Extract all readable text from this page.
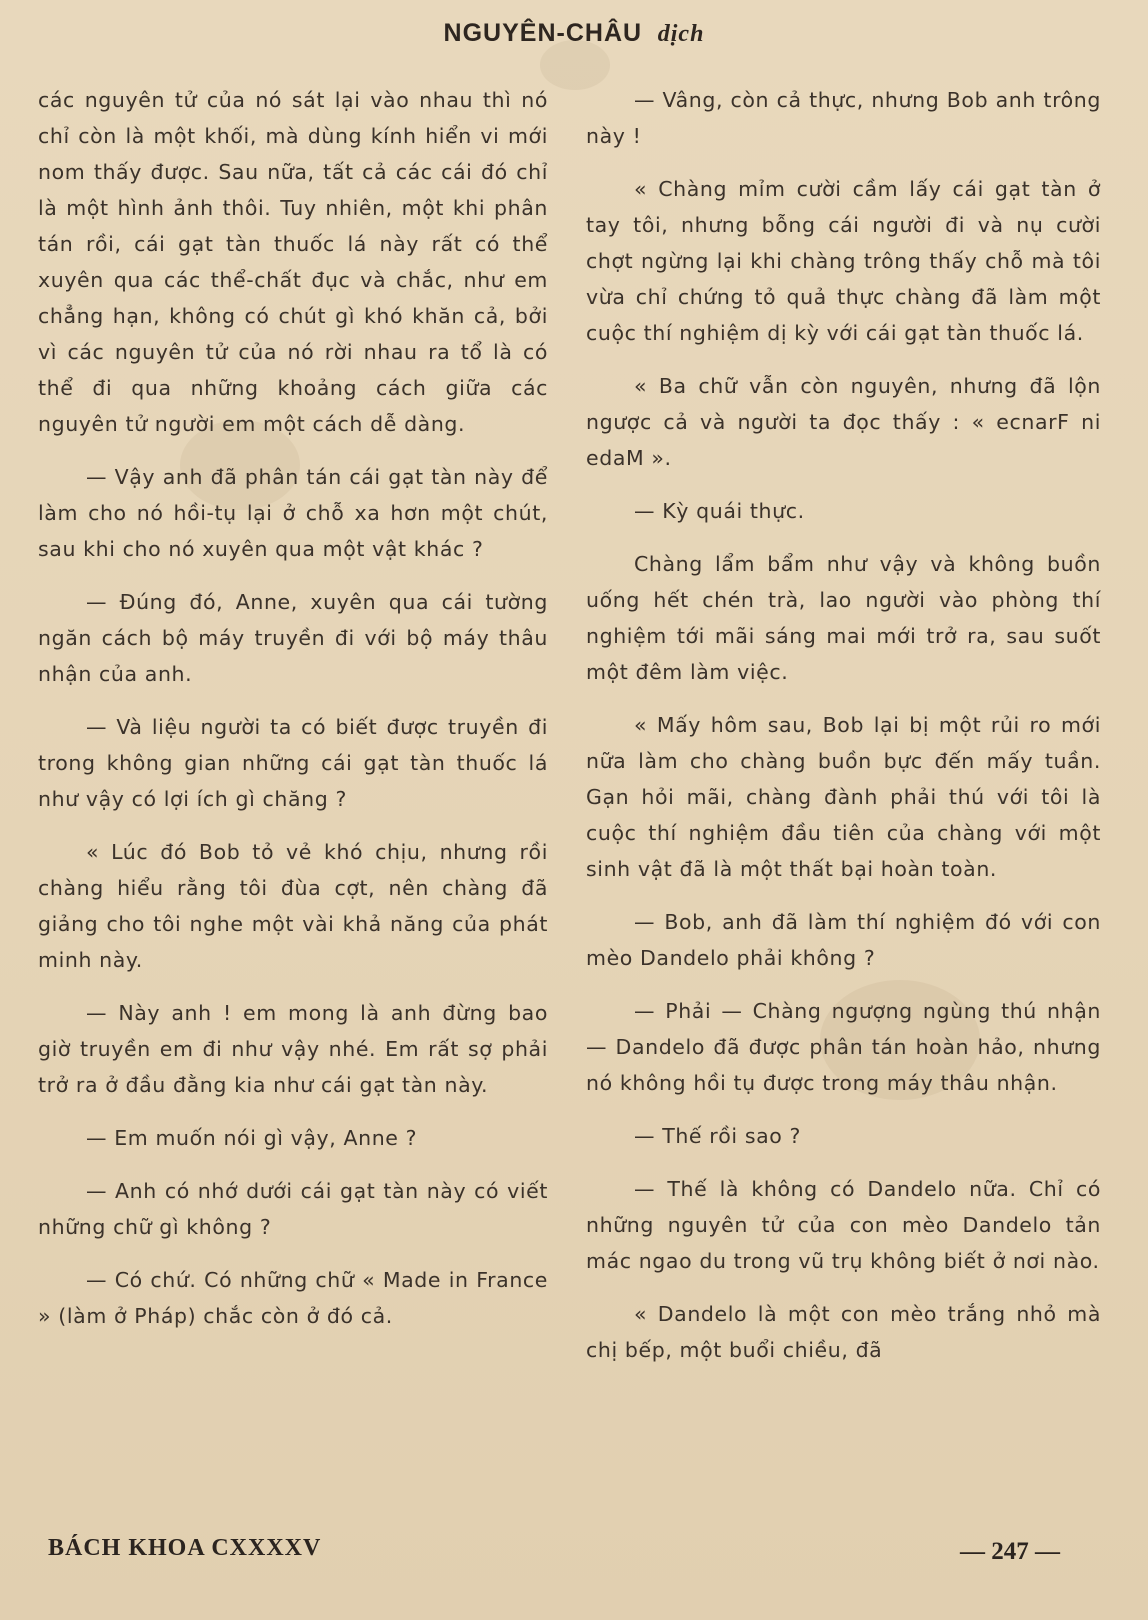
NGUYÊN-CHÂU dịch

các nguyên tử của nó sát lại vào nhau thì nó chỉ còn là một khối, mà dùng kính hiển vi mới nom thấy được. Sau nữa, tất cả các cái đó chỉ là một hình ảnh thôi. Tuy nhiên, một khi phân tán rồi, cái gạt tàn thuốc lá này rất có thể xuyên qua các thể-chất đục và chắc, như em chẳng hạn, không có chút gì khó khăn cả, bởi vì các nguyên tử của nó rời nhau ra tổ là có thể đi qua những khoảng cách giữa các nguyên tử người em một cách dễ dàng.

— Vậy anh đã phân tán cái gạt tàn này để làm cho nó hồi-tụ lại ở chỗ xa hơn một chút, sau khi cho nó xuyên qua một vật khác ?

— Đúng đó, Anne, xuyên qua cái tường ngăn cách bộ máy truyền đi với bộ máy thâu nhận của anh.

— Và liệu người ta có biết được truyền đi trong không gian những cái gạt tàn thuốc lá như vậy có lợi ích gì chăng ?

« Lúc đó Bob tỏ vẻ khó chịu, nhưng rồi chàng hiểu rằng tôi đùa cợt, nên chàng đã giảng cho tôi nghe một vài khả năng của phát minh này.

— Này anh ! em mong là anh đừng bao giờ truyền em đi như vậy nhé. Em rất sợ phải trở ra ở đầu đằng kia như cái gạt tàn này.

— Em muốn nói gì vậy, Anne ?

— Anh có nhớ dưới cái gạt tàn này có viết những chữ gì không ?

— Có chứ. Có những chữ « Made in France » (làm ở Pháp) chắc còn ở đó cả.

— Vâng, còn cả thực, nhưng Bob anh trông này !

« Chàng mỉm cười cầm lấy cái gạt tàn ở tay tôi, nhưng bỗng cái người đi và nụ cười chợt ngừng lại khi chàng trông thấy chỗ mà tôi vừa chỉ chứng tỏ quả thực chàng đã làm một cuộc thí nghiệm dị kỳ với cái gạt tàn thuốc lá.

« Ba chữ vẫn còn nguyên, nhưng đã lộn ngược cả và người ta đọc thấy : « ecnarF ni edaM ».

— Kỳ quái thực.

Chàng lẩm bẩm như vậy và không buồn uống hết chén trà, lao người vào phòng thí nghiệm tới mãi sáng mai mới trở ra, sau suốt một đêm làm việc.

« Mấy hôm sau, Bob lại bị một rủi ro mới nữa làm cho chàng buồn bực đến mấy tuần. Gạn hỏi mãi, chàng đành phải thú với tôi là cuộc thí nghiệm đầu tiên của chàng với một sinh vật đã là một thất bại hoàn toàn.

— Bob, anh đã làm thí nghiệm đó với con mèo Dandelo phải không ?

— Phải — Chàng ngượng ngùng thú nhận — Dandelo đã được phân tán hoàn hảo, nhưng nó không hồi tụ được trong máy thâu nhận.

— Thế rồi sao ?

— Thế là không có Dandelo nữa. Chỉ có những nguyên tử của con mèo Dandelo tản mác ngao du trong vũ trụ không biết ở nơi nào.

« Dandelo là một con mèo trắng nhỏ mà chị bếp, một buổi chiều, đã

BÁCH KHOA CXXXXV	— 247 —
